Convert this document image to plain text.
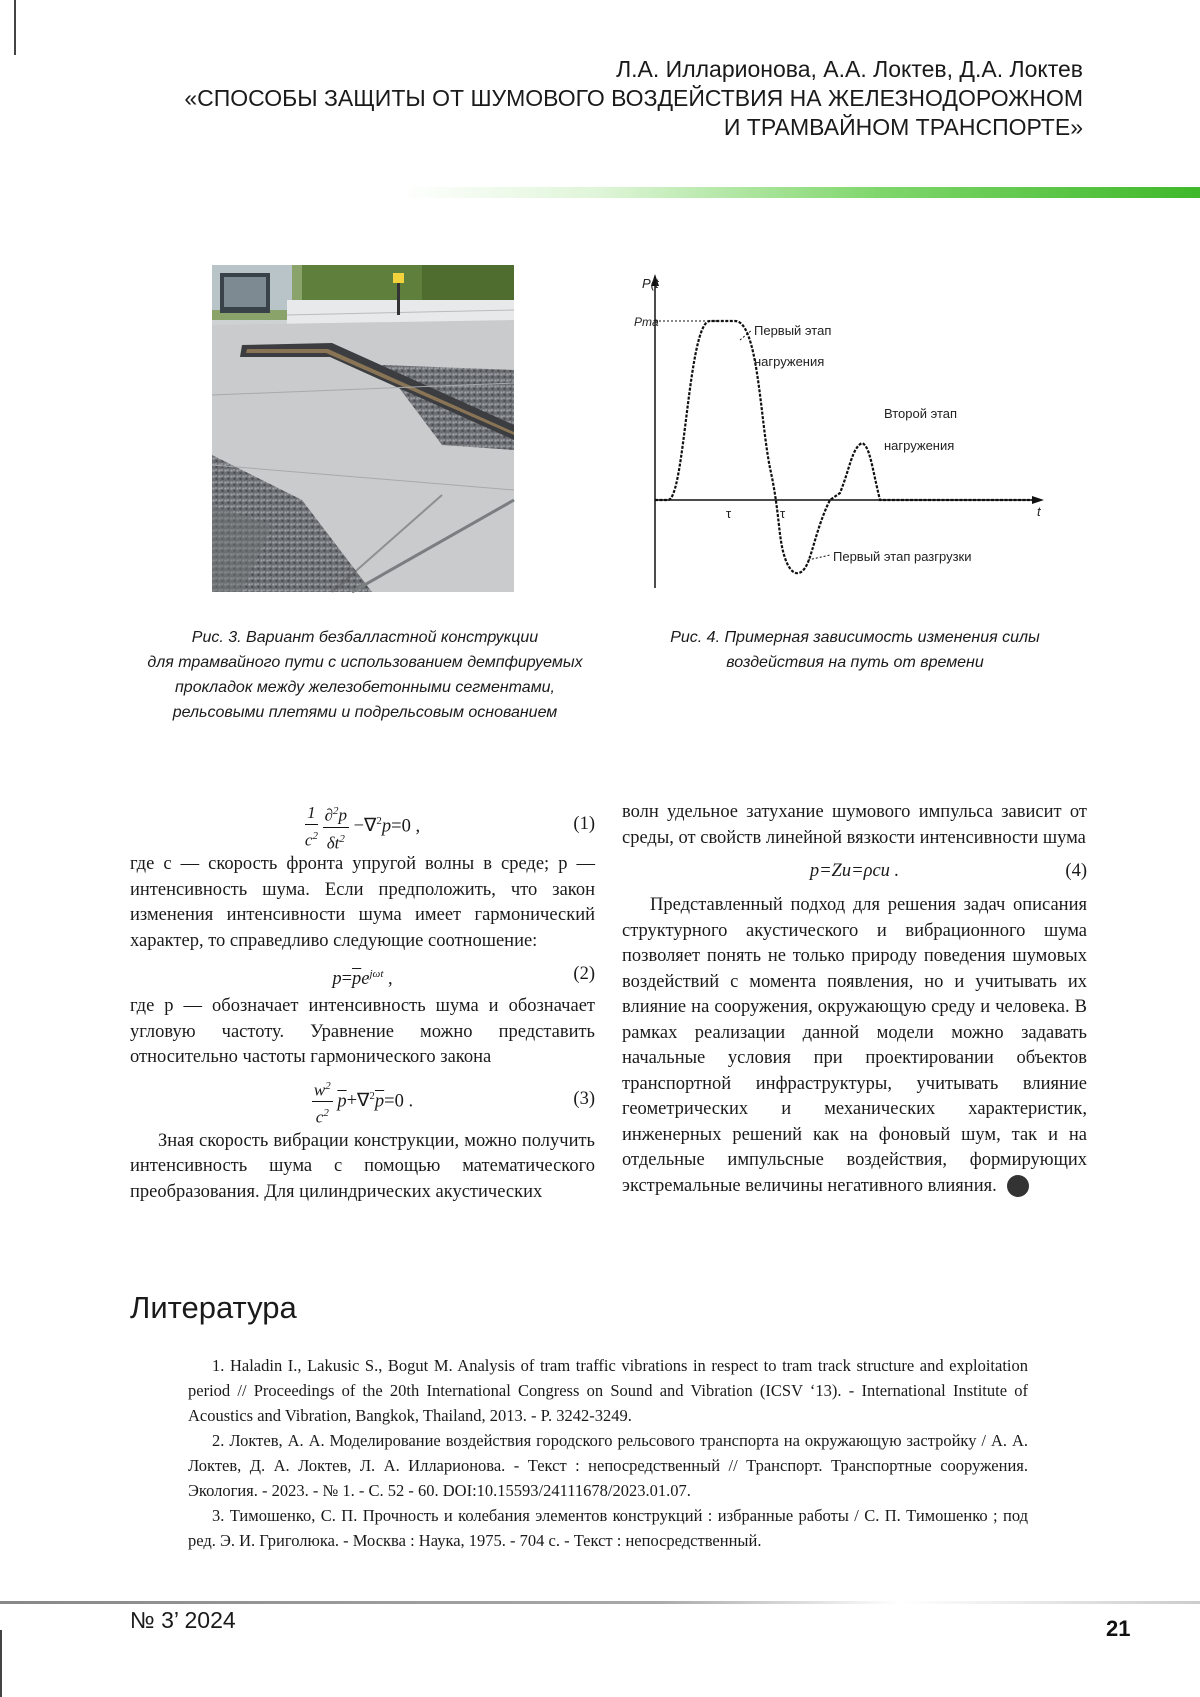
Л.А. Илларионова, А.А. Локтев, Д.А. Локтев
«СПОСОБЫ ЗАЩИТЫ ОТ ШУМОВОГО ВОЗДЕЙСТВИЯ НА ЖЕЛЕЗНОДОРОЖНОМ
И ТРАМВАЙНОМ ТРАНСПОРТЕ»
P(t
Pma
t
τ	τ
Первый этап
нагружения
Второй этап
нагружения
Первый этап разгрузки
Рис. 3. Вариант безбалластной конструкции
для трамвайного пути с использованием демпфируемых
прокладок между железобетонными сегментами,
рельсовыми плетями и подрельсовым основанием
Рис. 4. Примерная зависимость изменения силы
воздействия на путь от времени
$\frac{1}{c^2}$
$\frac{\partial^2p}{\delta t^2} -\nabla^2p=0$ ,	(1)

где c — скорость фронта упругой волны в среде; p — интенсивность шума. Если предположить, что закон изменения интенсивности шума имеет гармонический характер, то справедливо следующие соотношение:

$p=\overline{p}e^{j\omega t}$ ,	(2)

где p — обозначает интенсивность шума и обозначает угловую частоту. Уравнение можно представить относительно частоты гармонического закона

$\frac{w^2}{c^2} \overline{p}+\nabla^2\overline{p}=0$ .	(3)

Зная скорость вибрации конструкции, можно получить интенсивность шума с помощью математического преобразования. Для цилиндрических акустических

волн удельное затухание шумового импульса зависит от среды, от свойств линейной вязкости интенсивности шума

p=Zu=ρcu .	(4)

Представленный подход для решения задач описания структурного акустического и вибрационного шума позволяет понять не только природу поведения шумовых воздействий с момента появления, но и учитывать их влияние на сооружения, окружающую среду и человека. В рамках реализации данной модели можно задавать начальные условия при проектировании объектов транспортной инфраструктуры, учитывать влияние геометрических и механических характеристик, инженерных решений как на фоновый шум, так и на отдельные импульсные воздействия, формирующих экстремальные величины негативного влияния.	НТТ

Литература

1. Haladin I., Lakusic S., Bogut M. Analysis of tram traffic vibrations in respect to tram track structure and exploitation period // Proceedings of the 20th International Congress on Sound and Vibration (ICSV ‘13). - International Institute of Acoustics and Vibration, Bangkok, Thailand, 2013. - P. 3242-3249.

2. Локтев, А. А. Моделирование воздействия городского рельсового транспорта на окружающую застройку / А. А. Локтев, Д. А. Локтев, Л. А. Илларионова. - Текст : непосредственный // Транспорт. Транспортные сооружения. Экология. - 2023. - № 1. - С. 52 - 60. DOI:10.15593/24111678/2023.01.07.

3. Тимошенко, С. П. Прочность и колебания элементов конструкций : избранные работы / С. П. Тимошенко ; под ред. Э. И. Григолюка. - Москва : Наука, 1975. - 704 с. - Текст : непосредственный.

№ 3’ 2024	21
